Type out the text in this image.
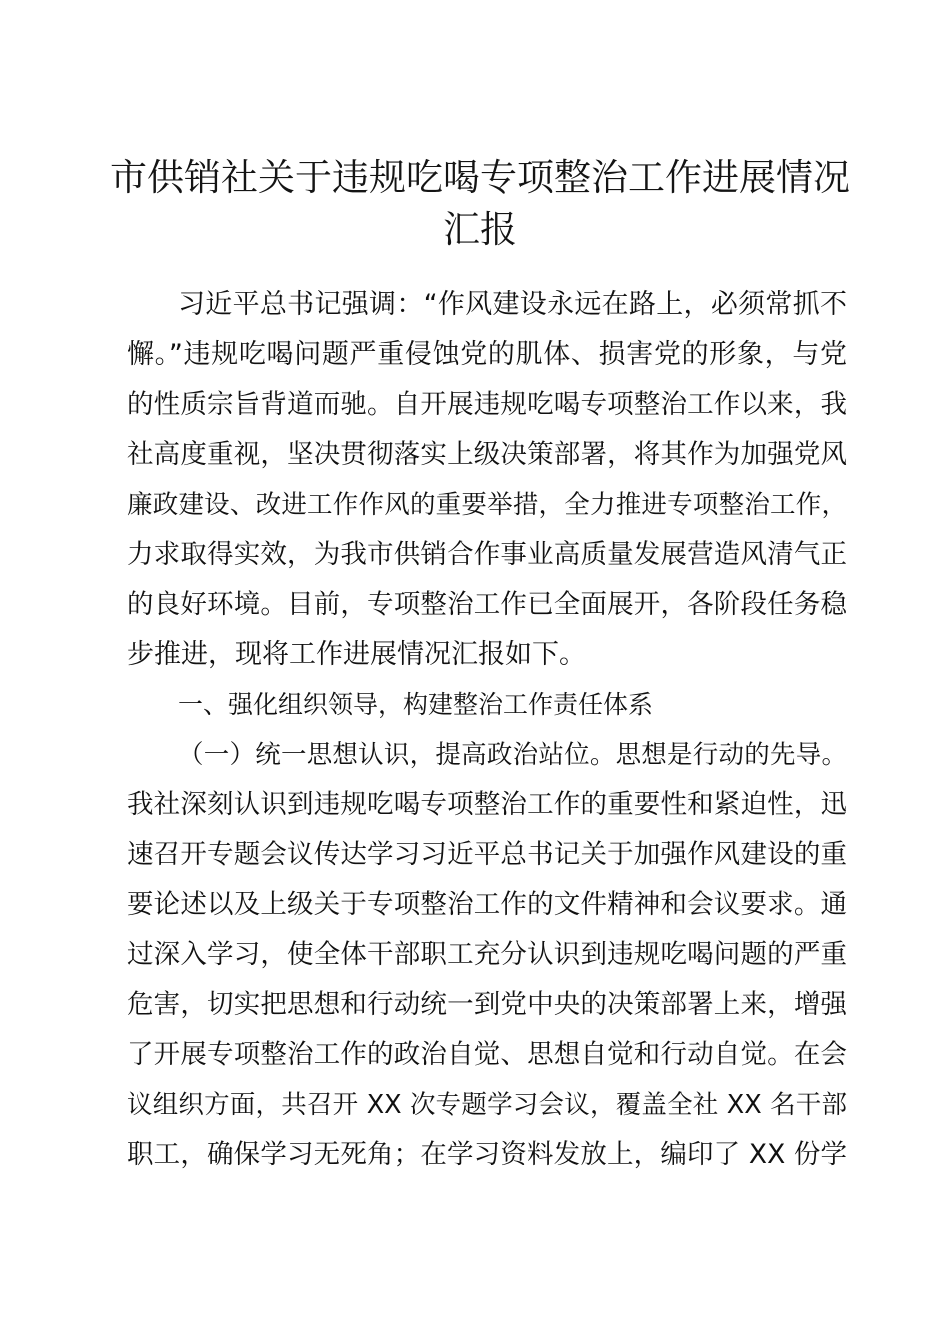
市供销社关于违规吃喝专项整治工作进展情况
汇报
习近平总书记强调：“作风建设永远在路上，必须常抓不
懈。”违规吃喝问题严重侵蚀党的肌体、损害党的形象，与党
的性质宗旨背道而驰。自开展违规吃喝专项整治工作以来，我
社高度重视，坚决贯彻落实上级决策部署，将其作为加强党风
廉政建设、改进工作作风的重要举措，全力推进专项整治工作，
力求取得实效，为我市供销合作事业高质量发展营造风清气正
的良好环境。目前，专项整治工作已全面展开，各阶段任务稳
步推进，现将工作进展情况汇报如下。
一、强化组织领导，构建整治工作责任体系
（一）统一思想认识，提高政治站位。思想是行动的先导。
我社深刻认识到违规吃喝专项整治工作的重要性和紧迫性，迅
速召开专题会议传达学习习近平总书记关于加强作风建设的重
要论述以及上级关于专项整治工作的文件精神和会议要求。通
过深入学习，使全体干部职工充分认识到违规吃喝问题的严重
危害，切实把思想和行动统一到党中央的决策部署上来，增强
了开展专项整治工作的政治自觉、思想自觉和行动自觉。在会
议组织方面，共召开 XX 次专题学习会议，覆盖全社 XX 名干部
职工，确保学习无死角；在学习资料发放上，编印了 XX 份学
